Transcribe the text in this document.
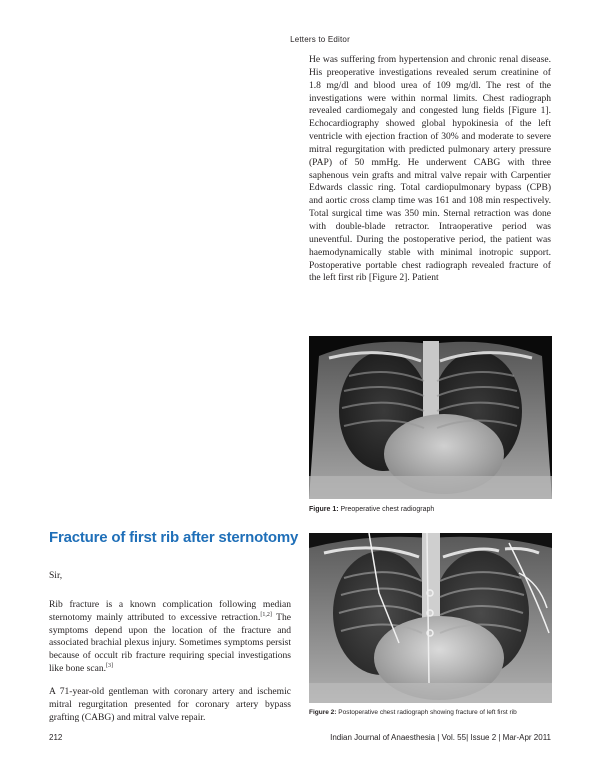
Letters to Editor

He was suffering from hypertension and chronic renal disease. His preoperative investigations revealed serum creatinine of 1.8 mg/dl and blood urea of 109 mg/dl. The rest of the investigations were within normal limits. Chest radiograph revealed cardiomegaly and congested lung fields [Figure 1]. Echocardiography showed global hypokinesia of the left ventricle with ejection fraction of 30% and moderate to severe mitral regurgitation with predicted pulmonary artery pressure (PAP) of 50 mmHg. He underwent CABG with three saphenous vein grafts and mitral valve repair with Carpentier Edwards classic ring. Total cardiopulmonary bypass (CPB) and aortic cross clamp time was 161 and 108 min respectively. Total surgical time was 350 min. Sternal retraction was done with double-blade retractor. Intraoperative period was uneventful. During the postoperative period, the patient was haemodynamically stable with minimal inotropic support. Postoperative portable chest radiograph revealed fracture of the left first rib [Figure 2]. Patient

Figure 1: Preoperative chest radiograph
Figure 2: Postoperative chest radiograph showing fracture of left first rib
Fracture of first rib after sternotomy

Sir,

Rib fracture is a known complication following median sternotomy mainly attributed to excessive retraction.[1,2] The symptoms depend upon the location of the fracture and associated brachial plexus injury. Sometimes symptoms persist because of occult rib fracture requiring special investigations like bone scan.[3]

A 71-year-old gentleman with coronary artery and ischemic mitral regurgitation presented for coronary artery bypass grafting (CABG) and mitral valve repair.

212	Indian Journal of Anaesthesia | Vol. 55| Issue 2 | Mar-Apr 2011
